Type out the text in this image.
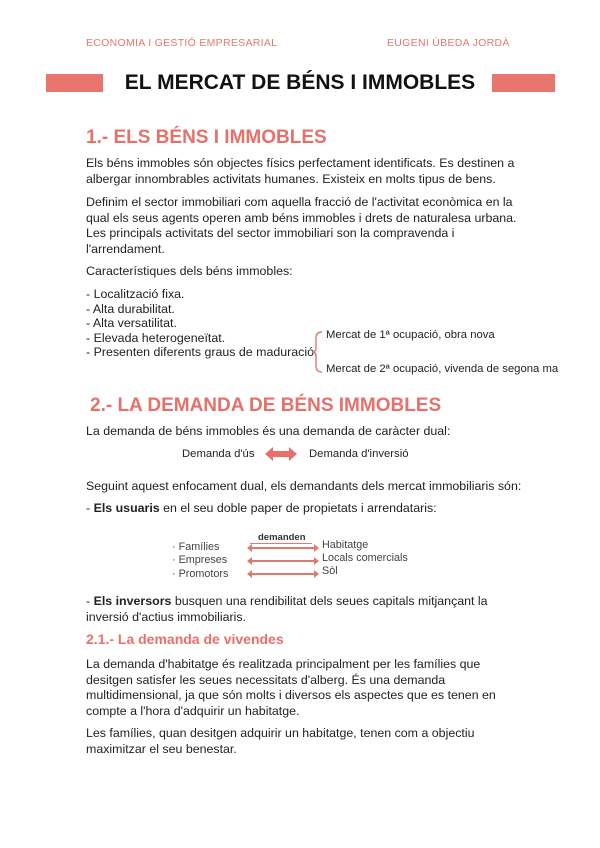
ECONOMIA I GESTIÓ EMPRESARIAL	EUGENI ÚBEDA JORDÀ
EL MERCAT DE BÉNS I IMMOBLES
1.- ELS BÉNS I IMMOBLES
Els béns immobles són objectes físics perfectament identificats. Es destinen a
albergar innombrables activitats humanes. Existeix en molts tipus de bens.
Definim el sector immobiliari com aquella fracció de l'activitat econòmica en la
qual els seus agents operen amb béns immobles i drets de naturalesa urbana.
Les principals activitats del sector immobiliari son la compravenda i
l'arrendament.
Característiques dels béns immobles:
- Localització fixa.
- Alta durabilitat.
- Alta versatilitat.
- Elevada heterogeneïtat.
- Presenten diferents graus de maduració.
Mercat de 1ª ocupació, obra nova
Mercat de 2ª ocupació, vivenda de segona ma
2.- LA DEMANDA DE BÉNS IMMOBLES
La demanda de béns immobles és una demanda de caràcter dual:
Demanda d'ús	Demanda d'inversió
Seguint aquest enfocament dual, els demandants dels mercat immobiliaris són:
- Els usuaris en el seu doble paper de propietats i arrendataris:
demanden
· Famílies	Habitatge
· Empreses	Locals comercials
· Promotors	Sòl
- Els inversors busquen una rendibilitat dels seues capitals mitjançant la
inversió d'actius immobiliaris.
2.1.- La demanda de vivendes
La demanda d'habitatge és realitzada principalment per les famílies que
desitgen satisfer les seues necessitats d'alberg. És una demanda
multidimensional, ja que són molts i diversos els aspectes que es tenen en
compte a l'hora d'adquirir un habitatge.
Les famílies, quan desitgen adquirir un habitatge, tenen com a objectiu
maximitzar el seu benestar.
